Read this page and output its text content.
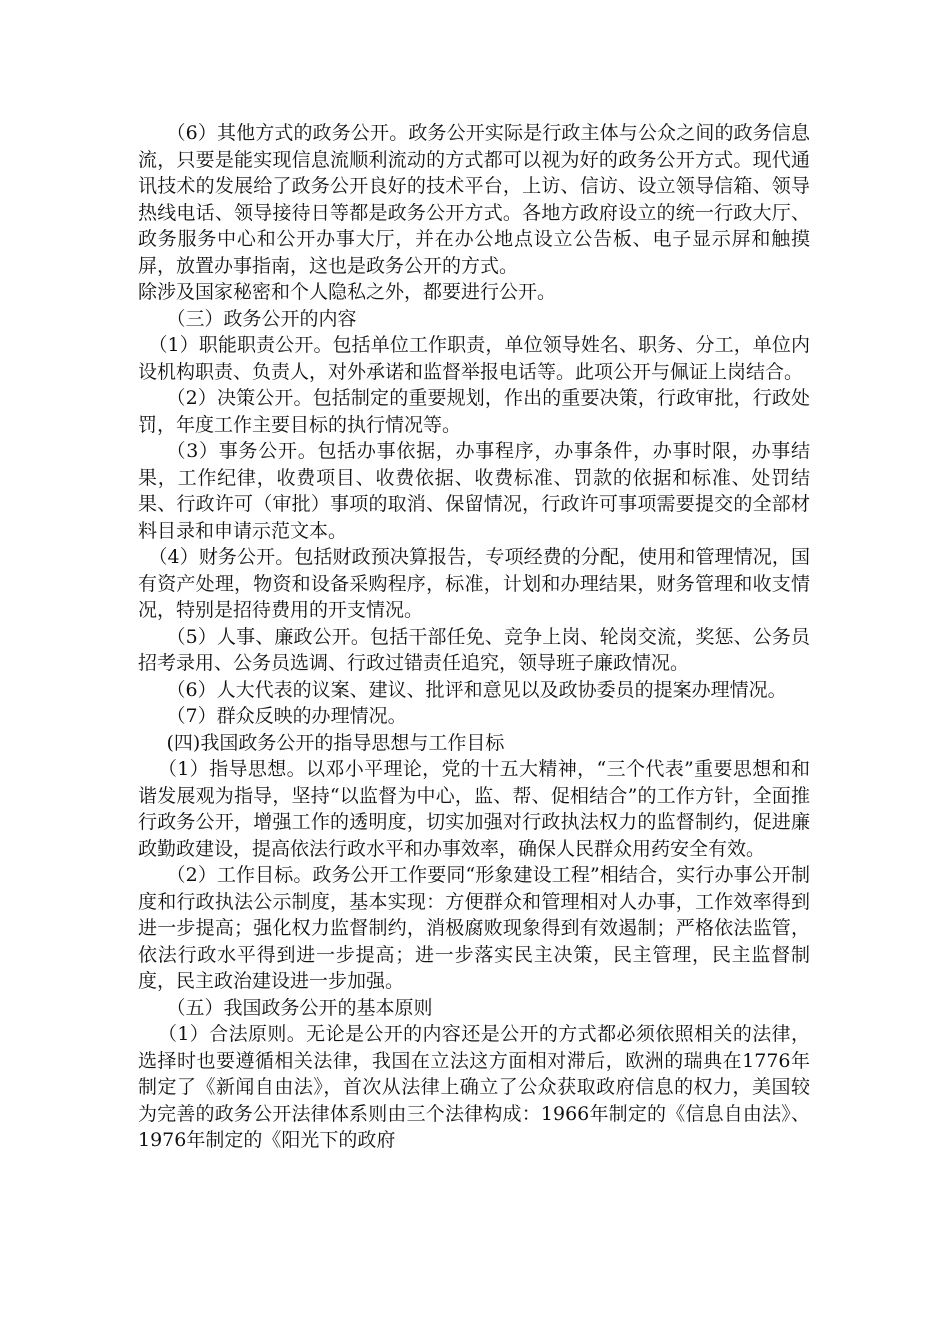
（6）其他方式的政务公开。政务公开实际是行政主体与公众之间的政务信息流，只要是能实现信息流顺利流动的方式都可以视为好的政务公开方式。现代通讯技术的发展给了政务公开良好的技术平台，上访、信访、设立领导信箱、领导热线电话、领导接待日等都是政务公开方式。各地方政府设立的统一行政大厅、政务服务中心和公开办事大厅，并在办公地点设立公告板、电子显示屏和触摸屏，放置办事指南，这也是政务公开的方式。

除涉及国家秘密和个人隐私之外，都要进行公开。

（三）政务公开的内容

（1）职能职责公开。包括单位工作职责，单位领导姓名、职务、分工，单位内设机构职责、负责人，对外承诺和监督举报电话等。此项公开与佩证上岗结合。

（2）决策公开。包括制定的重要规划，作出的重要决策，行政审批，行政处罚，年度工作主要目标的执行情况等。

（3）事务公开。包括办事依据，办事程序，办事条件，办事时限，办事结果，工作纪律，收费项目、收费依据、收费标准、罚款的依据和标准、处罚结果、行政许可（审批）事项的取消、保留情况，行政许可事项需要提交的全部材料目录和申请示范文本。

（4）财务公开。包括财政预决算报告，专项经费的分配，使用和管理情况，国有资产处理，物资和设备采购程序，标准，计划和办理结果，财务管理和收支情况，特别是招待费用的开支情况。

（5）人事、廉政公开。包括干部任免、竞争上岗、轮岗交流，奖惩、公务员招考录用、公务员选调、行政过错责任追究，领导班子廉政情况。

（6）人大代表的议案、建议、批评和意见以及政协委员的提案办理情况。

（7）群众反映的办理情况。

(四)我国政务公开的指导思想与工作目标

（1）指导思想。以邓小平理论，党的十五大精神，“三个代表”重要思想和和谐发展观为指导，坚持“以监督为中心，监、帮、促相结合”的工作方针，全面推行政务公开，增强工作的透明度，切实加强对行政执法权力的监督制约，促进廉政勤政建设，提高依法行政水平和办事效率，确保人民群众用药安全有效。

（2）工作目标。政务公开工作要同“形象建设工程”相结合，实行办事公开制度和行政执法公示制度，基本实现：方便群众和管理相对人办事，工作效率得到进一步提高；强化权力监督制约，消极腐败现象得到有效遏制；严格依法监管，依法行政水平得到进一步提高；进一步落实民主决策，民主管理，民主监督制度，民主政治建设进一步加强。

（五）我国政务公开的基本原则

（1）合法原则。无论是公开的内容还是公开的方式都必须依照相关的法律，选择时也要遵循相关法律，我国在立法这方面相对滞后，欧洲的瑞典在1776年制定了《新闻自由法》，首次从法律上确立了公众获取政府信息的权力，美国较为完善的政务公开法律体系则由三个法律构成：1966年制定的《信息自由法》、1976年制定的《阳光下的政府
